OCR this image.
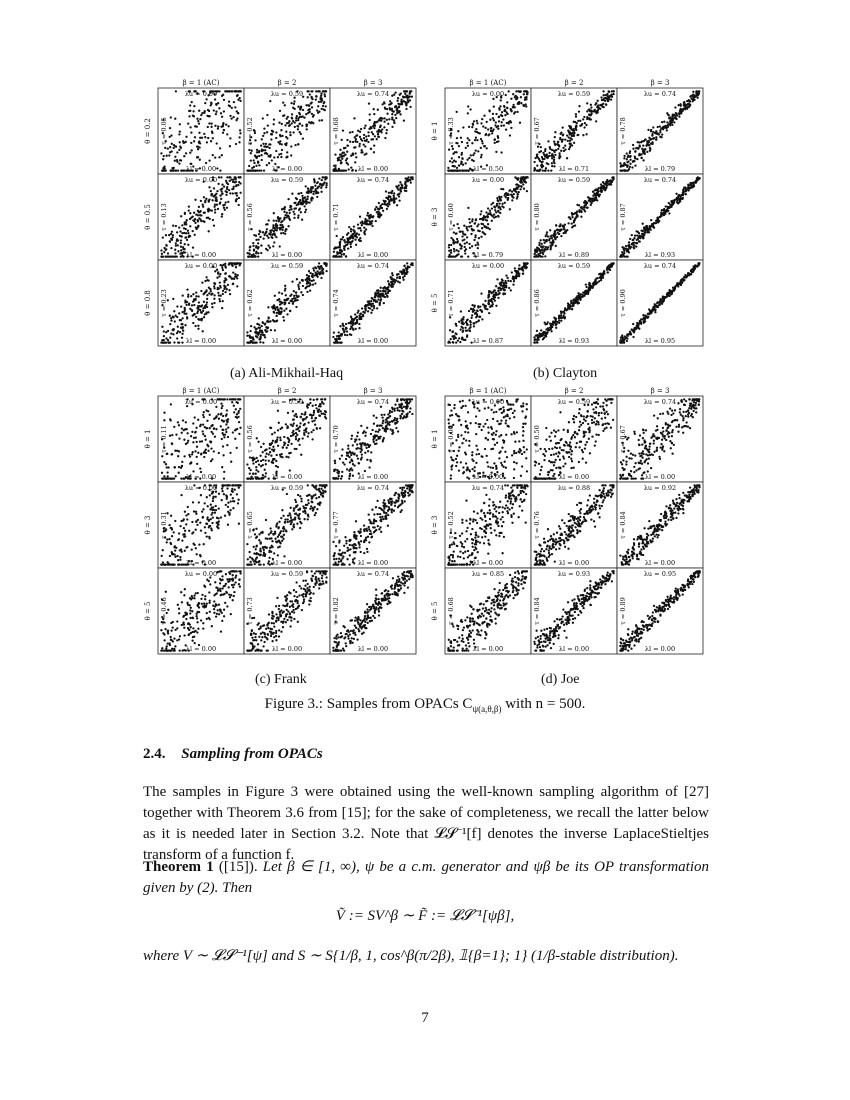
β = 1 (AC)	β = 2	β = 3
θ = 0.2
λu = 0.00
λl = 0.00
τ = 0.05
λu = 0.59
λl = 0.00
τ = 0.52
λu = 0.74
λl = 0.00
τ = 0.68
θ = 0.5
λu = 0.00
λl = 0.00
τ = 0.13
λu = 0.59
λl = 0.00
τ = 0.56
λu = 0.74
λl = 0.00
τ = 0.71
θ = 0.8
λu = 0.00
λl = 0.00
τ = 0.23
λu = 0.59
λl = 0.00
τ = 0.62
λu = 0.74
λl = 0.00
τ = 0.74
β = 1 (AC)	β = 2	β = 3
θ = 1
λu = 0.00
λl = 0.50
τ = 0.33
λu = 0.59
λl = 0.71
τ = 0.67
λu = 0.74
λl = 0.79
τ = 0.78
θ = 3
λu = 0.00
λl = 0.79
τ = 0.60
λu = 0.59
λl = 0.89
τ = 0.80
λu = 0.74
λl = 0.93
τ = 0.87
θ = 5
λu = 0.00
λl = 0.87
τ = 0.71
λu = 0.59
λl = 0.93
τ = 0.86
λu = 0.74
λl = 0.95
τ = 0.90
β = 1 (AC)	β = 2	β = 3
θ = 1
λu = 0.00
λl = 0.00
τ = 0.11
λu = 0.59
λl = 0.00
τ = 0.56
λu = 0.74
λl = 0.00
τ = 0.70
θ = 3
λu = 0.00
λl = 0.00
τ = 0.31
λu = 0.59
λl = 0.00
τ = 0.65
λu = 0.74
λl = 0.00
τ = 0.77
θ = 5
λu = 0.00
λl = 0.00
τ = 0.46
λu = 0.59
λl = 0.00
τ = 0.73
λu = 0.74
λl = 0.00
τ = 0.82
β = 1 (AC)	β = 2	β = 3
θ = 1
λu = 0.00
λl = 0.00
τ = 0.00
λu = 0.59
λl = 0.00
τ = 0.50
λu = 0.74
λl = 0.00
τ = 0.67
θ = 3
λu = 0.74
λl = 0.00
τ = 0.52
λu = 0.88
λl = 0.00
τ = 0.76
λu = 0.92
λl = 0.00
τ = 0.84
θ = 5
λu = 0.85
λl = 0.00
τ = 0.68
λu = 0.93
λl = 0.00
τ = 0.84
λu = 0.95
λl = 0.00
τ = 0.89
(a) Ali-Mikhail-Haq	(b) Clayton
(c) Frank	(d) Joe
Figure 3.: Samples from OPACs $C_{\psi(a,\theta,\beta)}$ with n = 500.
2.4. Sampling from OPACs
The samples in Figure 3 were obtained using the well-known sampling algorithm of [27] together with Theorem 3.6 from [15]; for the sake of completeness, we recall the latter below as it is needed later in Section 3.2. Note that 𝓛𝓢⁻¹[f] denotes the inverse LaplaceStieltjes transform of a function f.
Theorem 1 ([15]). Let β ∈ [1, ∞), ψ be a c.m. generator and ψβ be its OP transformation given by (2). Then
Ṽ := SV^β ∼ F̃ := 𝓛𝓢⁻¹[ψβ],
where V ∼ 𝓛𝓢⁻¹[ψ] and S ∼ S{1/β, 1, cos^β(π/2β), 𝟙{β=1}; 1} (1/β-stable distribution).
7
